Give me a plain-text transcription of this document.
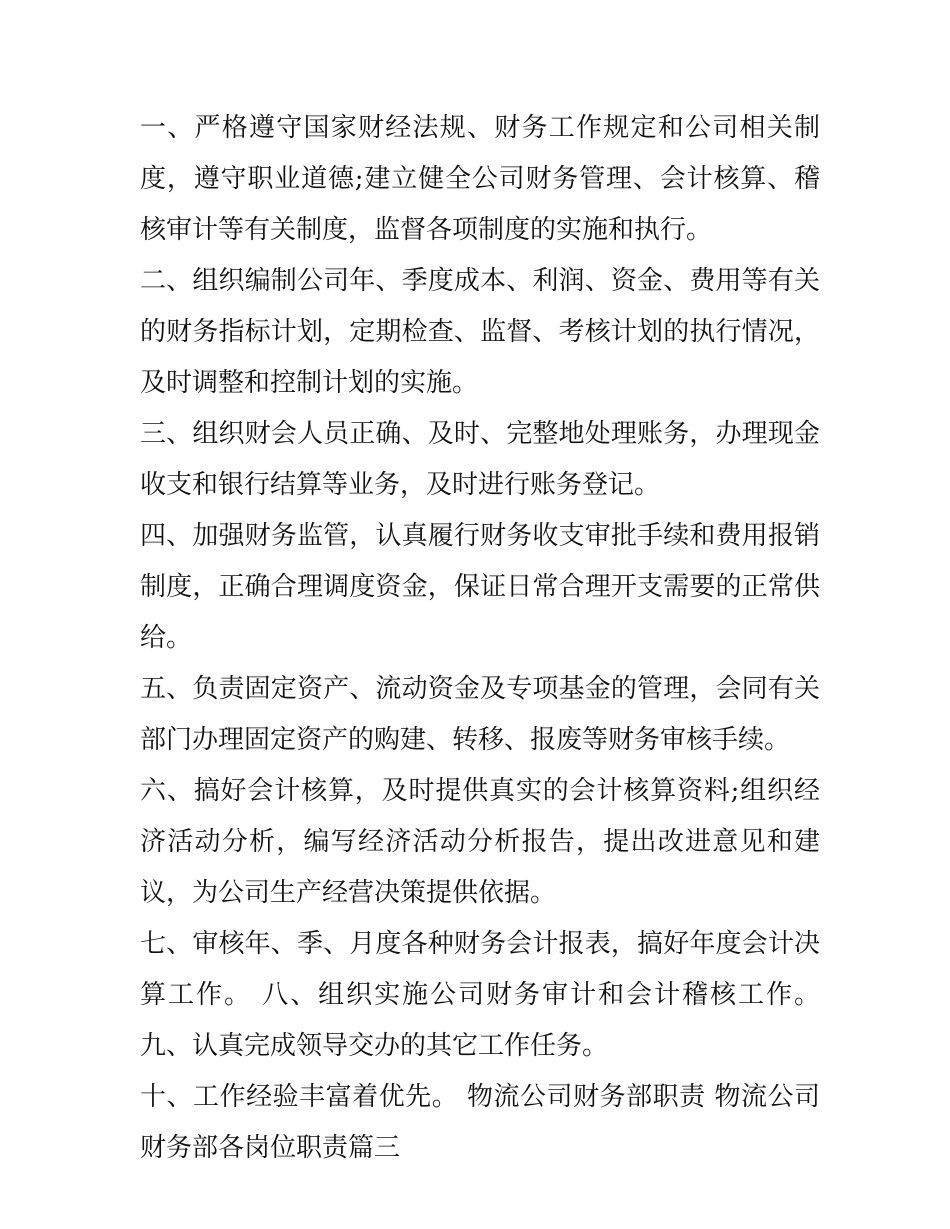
一、严格遵守国家财经法规、财务工作规定和公司相关制度，遵守职业道德;建立健全公司财务管理、会计核算、稽核审计等有关制度，监督各项制度的实施和执行。

二、组织编制公司年、季度成本、利润、资金、费用等有关的财务指标计划，定期检查、监督、考核计划的执行情况，及时调整和控制计划的实施。

三、组织财会人员正确、及时、完整地处理账务，办理现金收支和银行结算等业务，及时进行账务登记。

四、加强财务监管，认真履行财务收支审批手续和费用报销制度，正确合理调度资金，保证日常合理开支需要的正常供给。

五、负责固定资产、流动资金及专项基金的管理，会同有关部门办理固定资产的购建、转移、报废等财务审核手续。

六、搞好会计核算，及时提供真实的会计核算资料;组织经济活动分析，编写经济活动分析报告，提出改进意见和建议，为公司生产经营决策提供依据。

七、审核年、季、月度各种财务会计报表，搞好年度会计决算工作。 八、组织实施公司财务审计和会计稽核工作。 九、认真完成领导交办的其它工作任务。

十、工作经验丰富着优先。 物流公司财务部职责 物流公司财务部各岗位职责篇三
